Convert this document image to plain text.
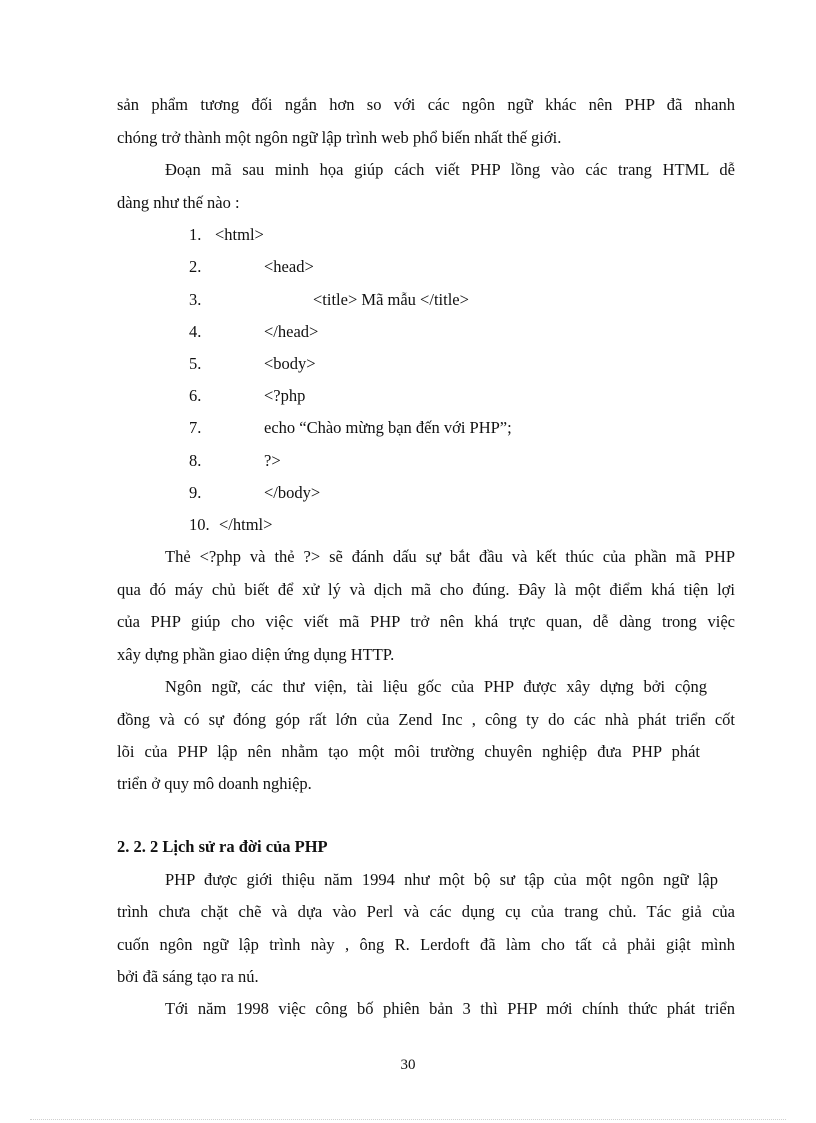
sản phẩm tương đối ngắn hơn so với các ngôn ngữ khác nên PHP đã nhanh
chóng trở thành một ngôn ngữ lập trình web phổ biến nhất thế giới.
Đoạn mã sau minh họa giúp cách viết PHP lồng vào các trang HTML dễ
dàng như thế nào :
1. <html>
2.	<head>
3.	<title> Mã mẫu </title>
4.	</head>
5.	<body>
6.	<?php
7.	echo “Chào mừng bạn đến với PHP”;
8.	?>
9.	</body>
10. </html>
Thẻ <?php và thẻ ?> sẽ đánh dấu sự bắt đầu và kết thúc của phần mã PHP
qua đó máy chủ biết để xử lý và dịch mã cho đúng. Đây là một điểm khá tiện lợi
của PHP giúp cho việc viết mã PHP trở nên khá trực quan, dễ dàng trong việc
xây dựng phần giao diện ứng dụng HTTP.
Ngôn ngữ, các thư viện, tài liệu gốc của PHP được xây dựng bởi cộng
đồng và có sự đóng góp rất lớn của Zend Inc , công ty do các nhà phát triển cốt
lõi của PHP lập nên nhằm tạo một môi trường chuyên nghiệp đưa PHP phát
triển ở quy mô doanh nghiệp.
2. 2. 2 Lịch sử ra đời của PHP
PHP được giới thiệu năm 1994 như một bộ sư tập của một ngôn ngữ lập
trình chưa chặt chẽ và dựa vào Perl và các dụng cụ của trang chủ. Tác giả của
cuốn ngôn ngữ lập trình này , ông R. Lerdoft đã làm cho tất cả phải giật mình
bởi đã sáng tạo ra nú.
Tới năm 1998 việc công bố phiên bản 3 thì PHP mới chính thức phát triển
30
